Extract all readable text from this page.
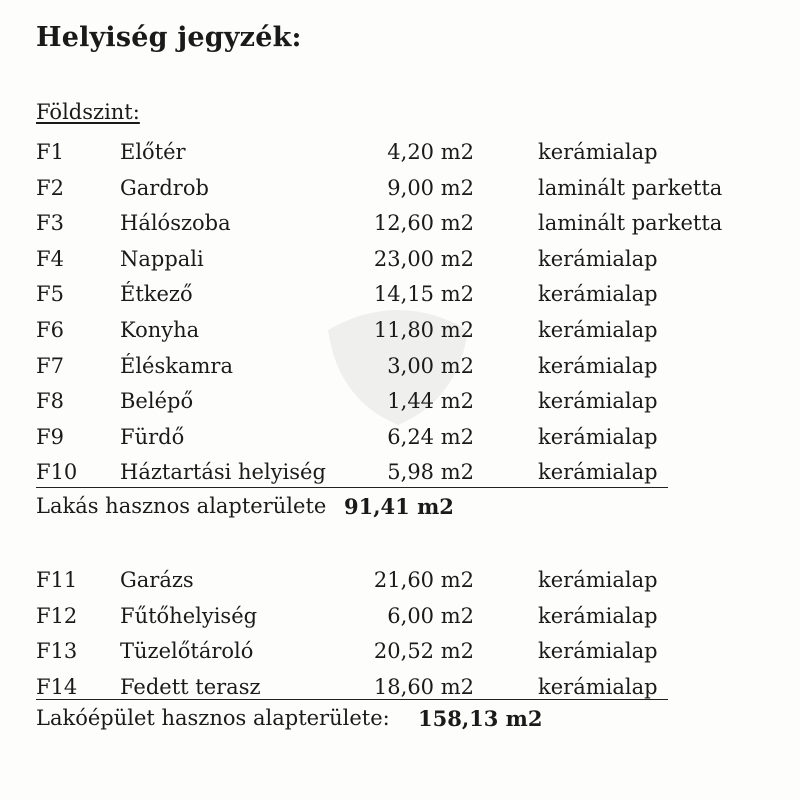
Helyiség jegyzék:
Földszint:
F1	Előtér	4,20 m2	kerámialap
F2	Gardrob	9,00 m2	laminált parketta
F3	Hálószoba	12,60 m2	laminált parketta
F4	Nappali	23,00 m2	kerámialap
F5	Étkező	14,15 m2	kerámialap
F6	Konyha	11,80 m2	kerámialap
F7	Éléskamra	3,00 m2	kerámialap
F8	Belépő	1,44 m2	kerámialap
F9	Fürdő	6,24 m2	kerámialap
F10 Háztartási helyiség	5,98 m2	kerámialap
Lakás hasznos alapterülete 91,41 m2
F11 Garázs	21,60 m2	kerámialap
F12 Fűtőhelyiség	6,00 m2	kerámialap
F13 Tüzelőtároló	20,52 m2	kerámialap
F14 Fedett terasz	18,60 m2	kerámialap
Lakóépület hasznos alapterülete: 158,13 m2
